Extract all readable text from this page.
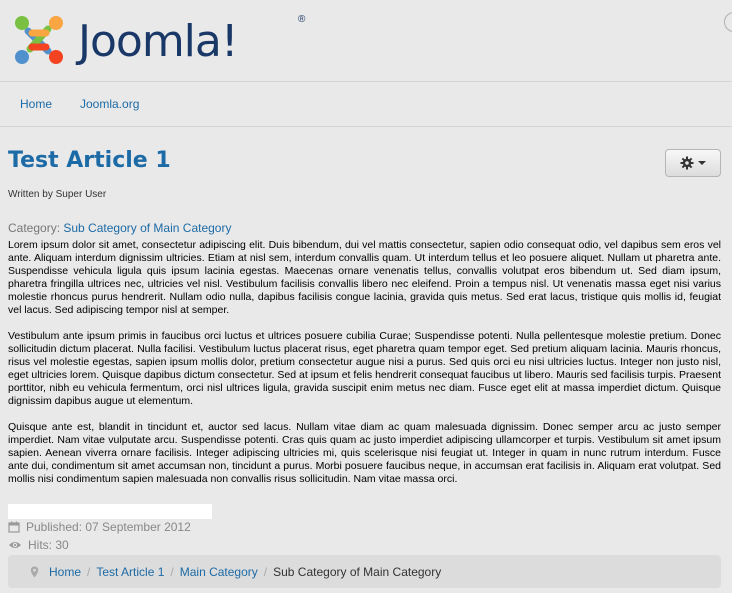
Joomla!	®
Home Joomla.org
Test Article 1
Written by Super User
Category: Sub Category of Main Category

Lorem ipsum dolor sit amet, consectetur adipiscing elit. Duis bibendum, dui vel mattis consectetur, sapien odio consequat odio, vel dapibus sem eros vel ante. Aliquam interdum dignissim ultricies. Etiam at nisl sem, interdum convallis quam. Ut interdum tellus et leo posuere aliquet. Nullam ut pharetra ante. Suspendisse vehicula ligula quis ipsum lacinia egestas. Maecenas ornare venenatis tellus, convallis volutpat eros bibendum ut. Sed diam ipsum, pharetra fringilla ultrices nec, ultricies vel nisl. Vestibulum facilisis convallis libero nec eleifend. Proin a tempus nisl. Ut venenatis massa eget nisi varius molestie rhoncus purus hendrerit. Nullam odio nulla, dapibus facilisis congue lacinia, gravida quis metus. Sed erat lacus, tristique quis mollis id, feugiat vel lacus. Sed adipiscing tempor nisl at semper.

Vestibulum ante ipsum primis in faucibus orci luctus et ultrices posuere cubilia Curae; Suspendisse potenti. Nulla pellentesque molestie pretium. Donec sollicitudin dictum placerat. Nulla facilisi. Vestibulum luctus placerat risus, eget pharetra quam tempor eget. Sed pretium aliquam lacinia. Mauris rhoncus, risus vel molestie egestas, sapien ipsum mollis dolor, pretium consectetur augue nisi a purus. Sed quis orci eu nisi ultricies luctus. Integer non justo nisl, eget ultricies lorem. Quisque dapibus dictum consectetur. Sed at ipsum et felis hendrerit consequat faucibus ut libero. Mauris sed facilisis turpis. Praesent porttitor, nibh eu vehicula fermentum, orci nisl ultrices ligula, gravida suscipit enim metus nec diam. Fusce eget elit at massa imperdiet dictum. Quisque dignissim dapibus augue ut elementum.

Quisque ante est, blandit in tincidunt et, auctor sed lacus. Nullam vitae diam ac quam malesuada dignissim. Donec semper arcu ac justo semper imperdiet. Nam vitae vulputate arcu. Suspendisse potenti. Cras quis quam ac justo imperdiet adipiscing ullamcorper et turpis. Vestibulum sit amet ipsum sapien. Aenean viverra ornare facilisis. Integer adipiscing ultricies mi, quis scelerisque nisi feugiat ut. Integer in quam in nunc rutrum interdum. Fusce ante dui, condimentum sit amet accumsan non, tincidunt a purus. Morbi posuere faucibus neque, in accumsan erat facilisis in. Aliquam erat volutpat. Sed mollis nisi condimentum sapien malesuada non convallis risus sollicitudin. Nam vitae massa orci.

Published: 07 September 2012
Hits: 30
Home / Test Article 1 / Main Category / Sub Category of Main Category
